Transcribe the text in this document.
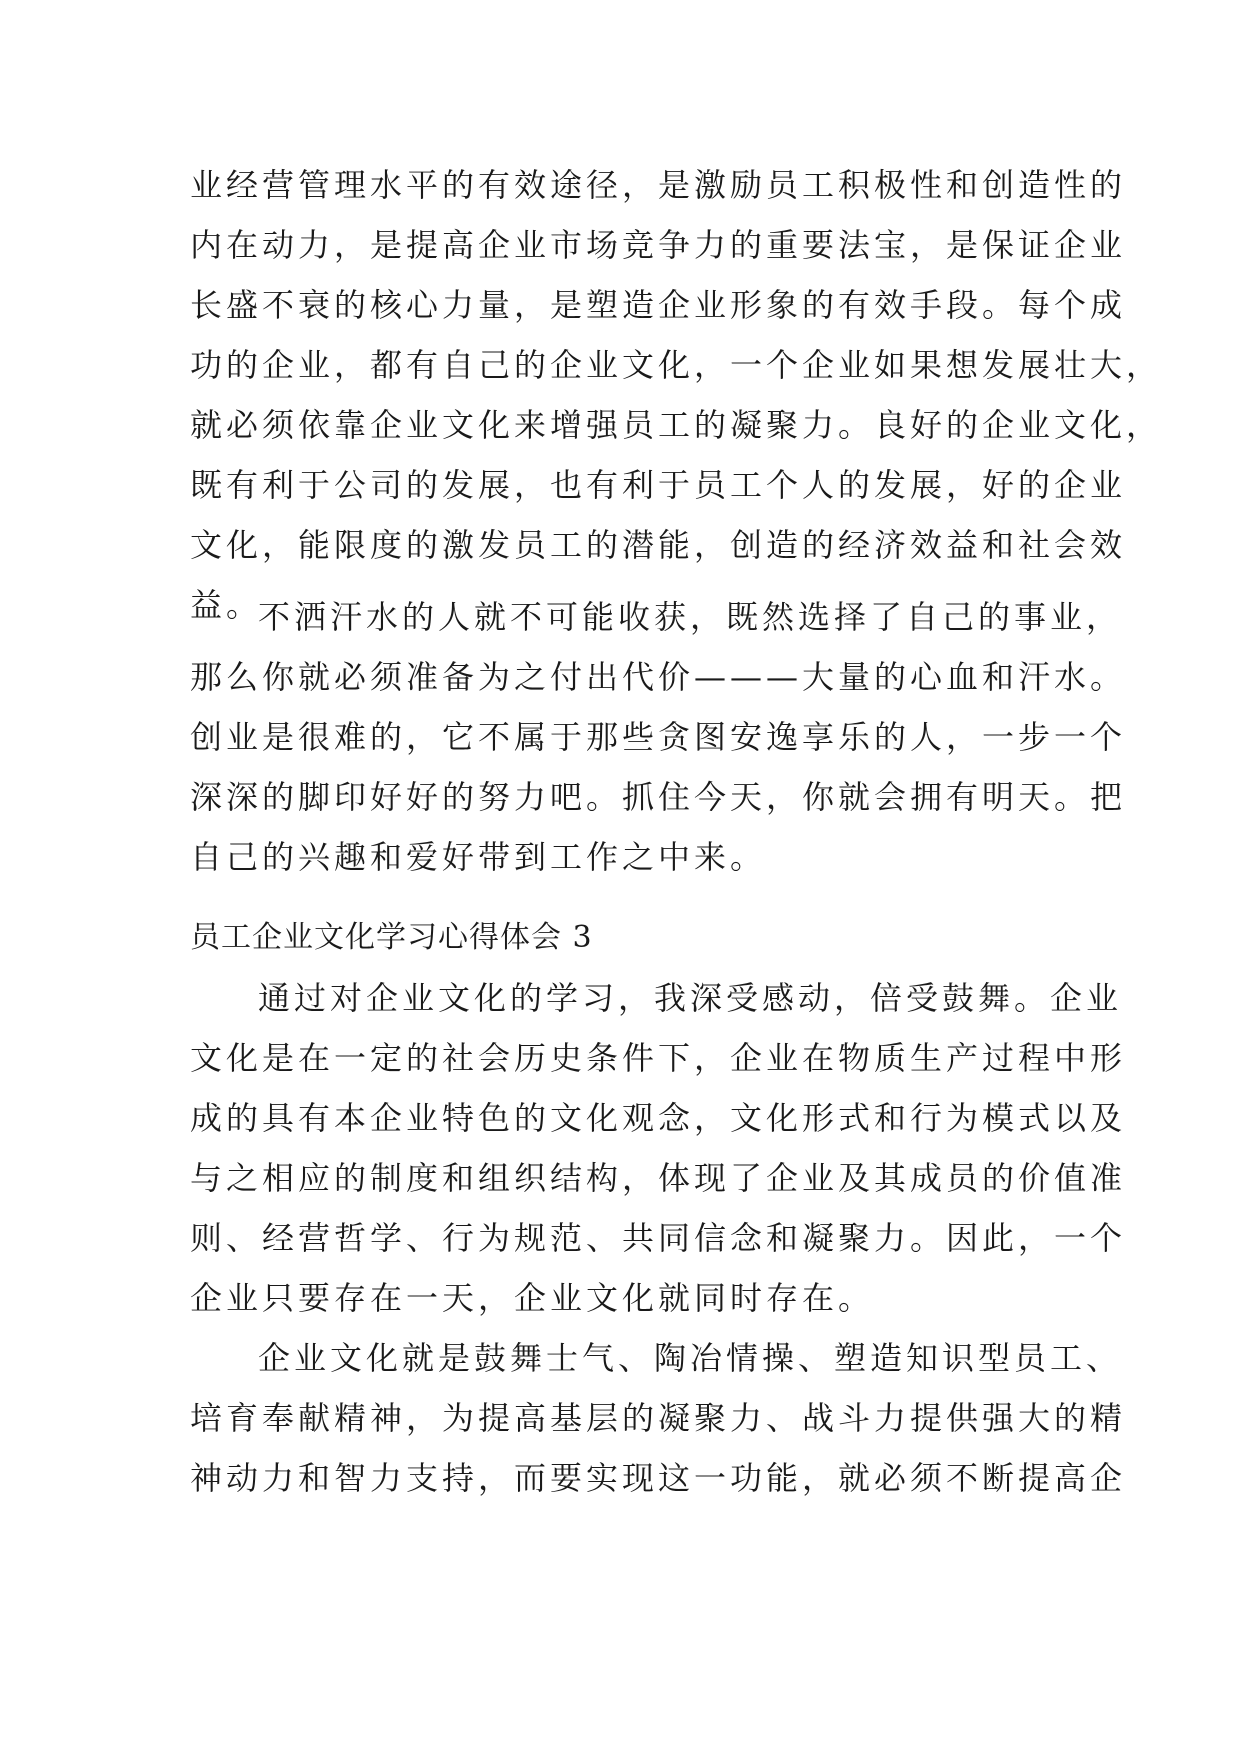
业经营管理水平的有效途径，是激励员工积极性和创造性的
内在动力，是提高企业市场竞争力的重要法宝，是保证企业
长盛不衰的核心力量，是塑造企业形象的有效手段。每个成
功的企业，都有自己的企业文化，一个企业如果想发展壮大，
就必须依靠企业文化来增强员工的凝聚力。良好的企业文化，
既有利于公司的发展，也有利于员工个人的发展，好的企业
文化，能限度的激发员工的潜能，创造的经济效益和社会效
益。
不洒汗水的人就不可能收获，既然选择了自己的事业，
那么你就必须准备为之付出代价———大量的心血和汗水。
创业是很难的，它不属于那些贪图安逸享乐的人，一步一个
深深的脚印好好的努力吧。抓住今天，你就会拥有明天。把
自己的兴趣和爱好带到工作之中来。
员工企业文化学习心得体会 3
通过对企业文化的学习，我深受感动，倍受鼓舞。企业
文化是在一定的社会历史条件下，企业在物质生产过程中形
成的具有本企业特色的文化观念，文化形式和行为模式以及
与之相应的制度和组织结构，体现了企业及其成员的价值准
则、经营哲学、行为规范、共同信念和凝聚力。因此，一个
企业只要存在一天，企业文化就同时存在。
企业文化就是鼓舞士气、陶冶情操、塑造知识型员工、
培育奉献精神，为提高基层的凝聚力、战斗力提供强大的精
神动力和智力支持，而要实现这一功能，就必须不断提高企
